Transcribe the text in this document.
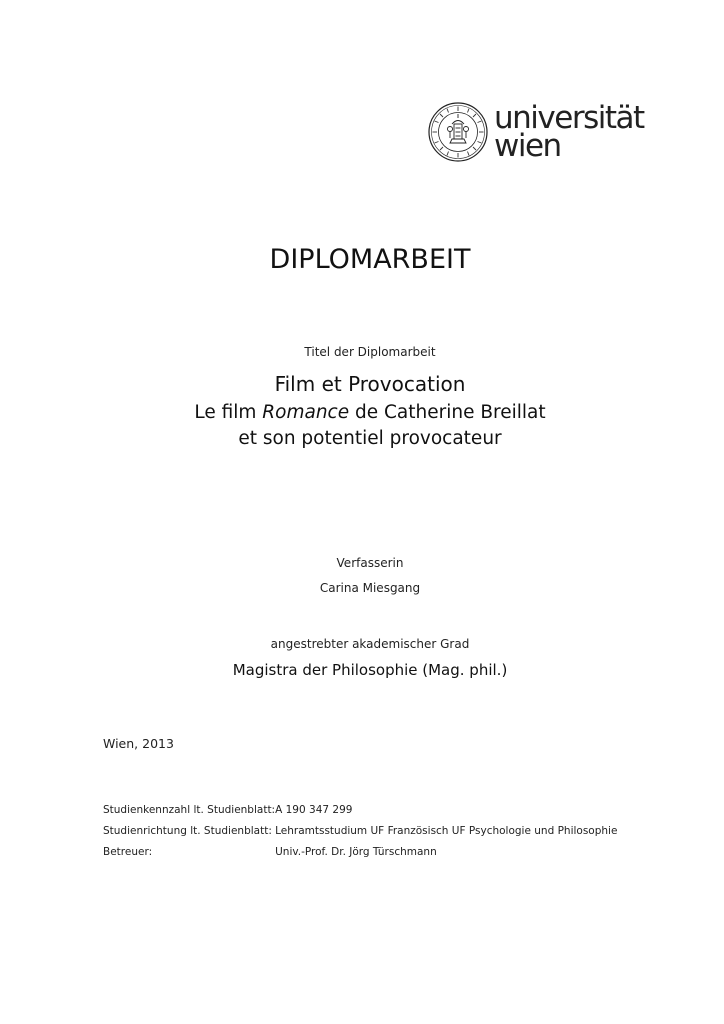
universität
wien
DIPLOMARBEIT
Titel der Diplomarbeit
Film et Provocation
Le film Romance de Catherine Breillat
et son potentiel provocateur
Verfasserin
Carina Miesgang
angestrebter akademischer Grad
Magistra der Philosophie (Mag. phil.)
Wien, 2013
Studienkennzahl lt. Studienblatt:	A 190 347 299
Studienrichtung lt. Studienblatt:	Lehramtsstudium UF Französisch UF Psychologie und Philosophie
Betreuer:	Univ.-Prof. Dr. Jörg Türschmann
